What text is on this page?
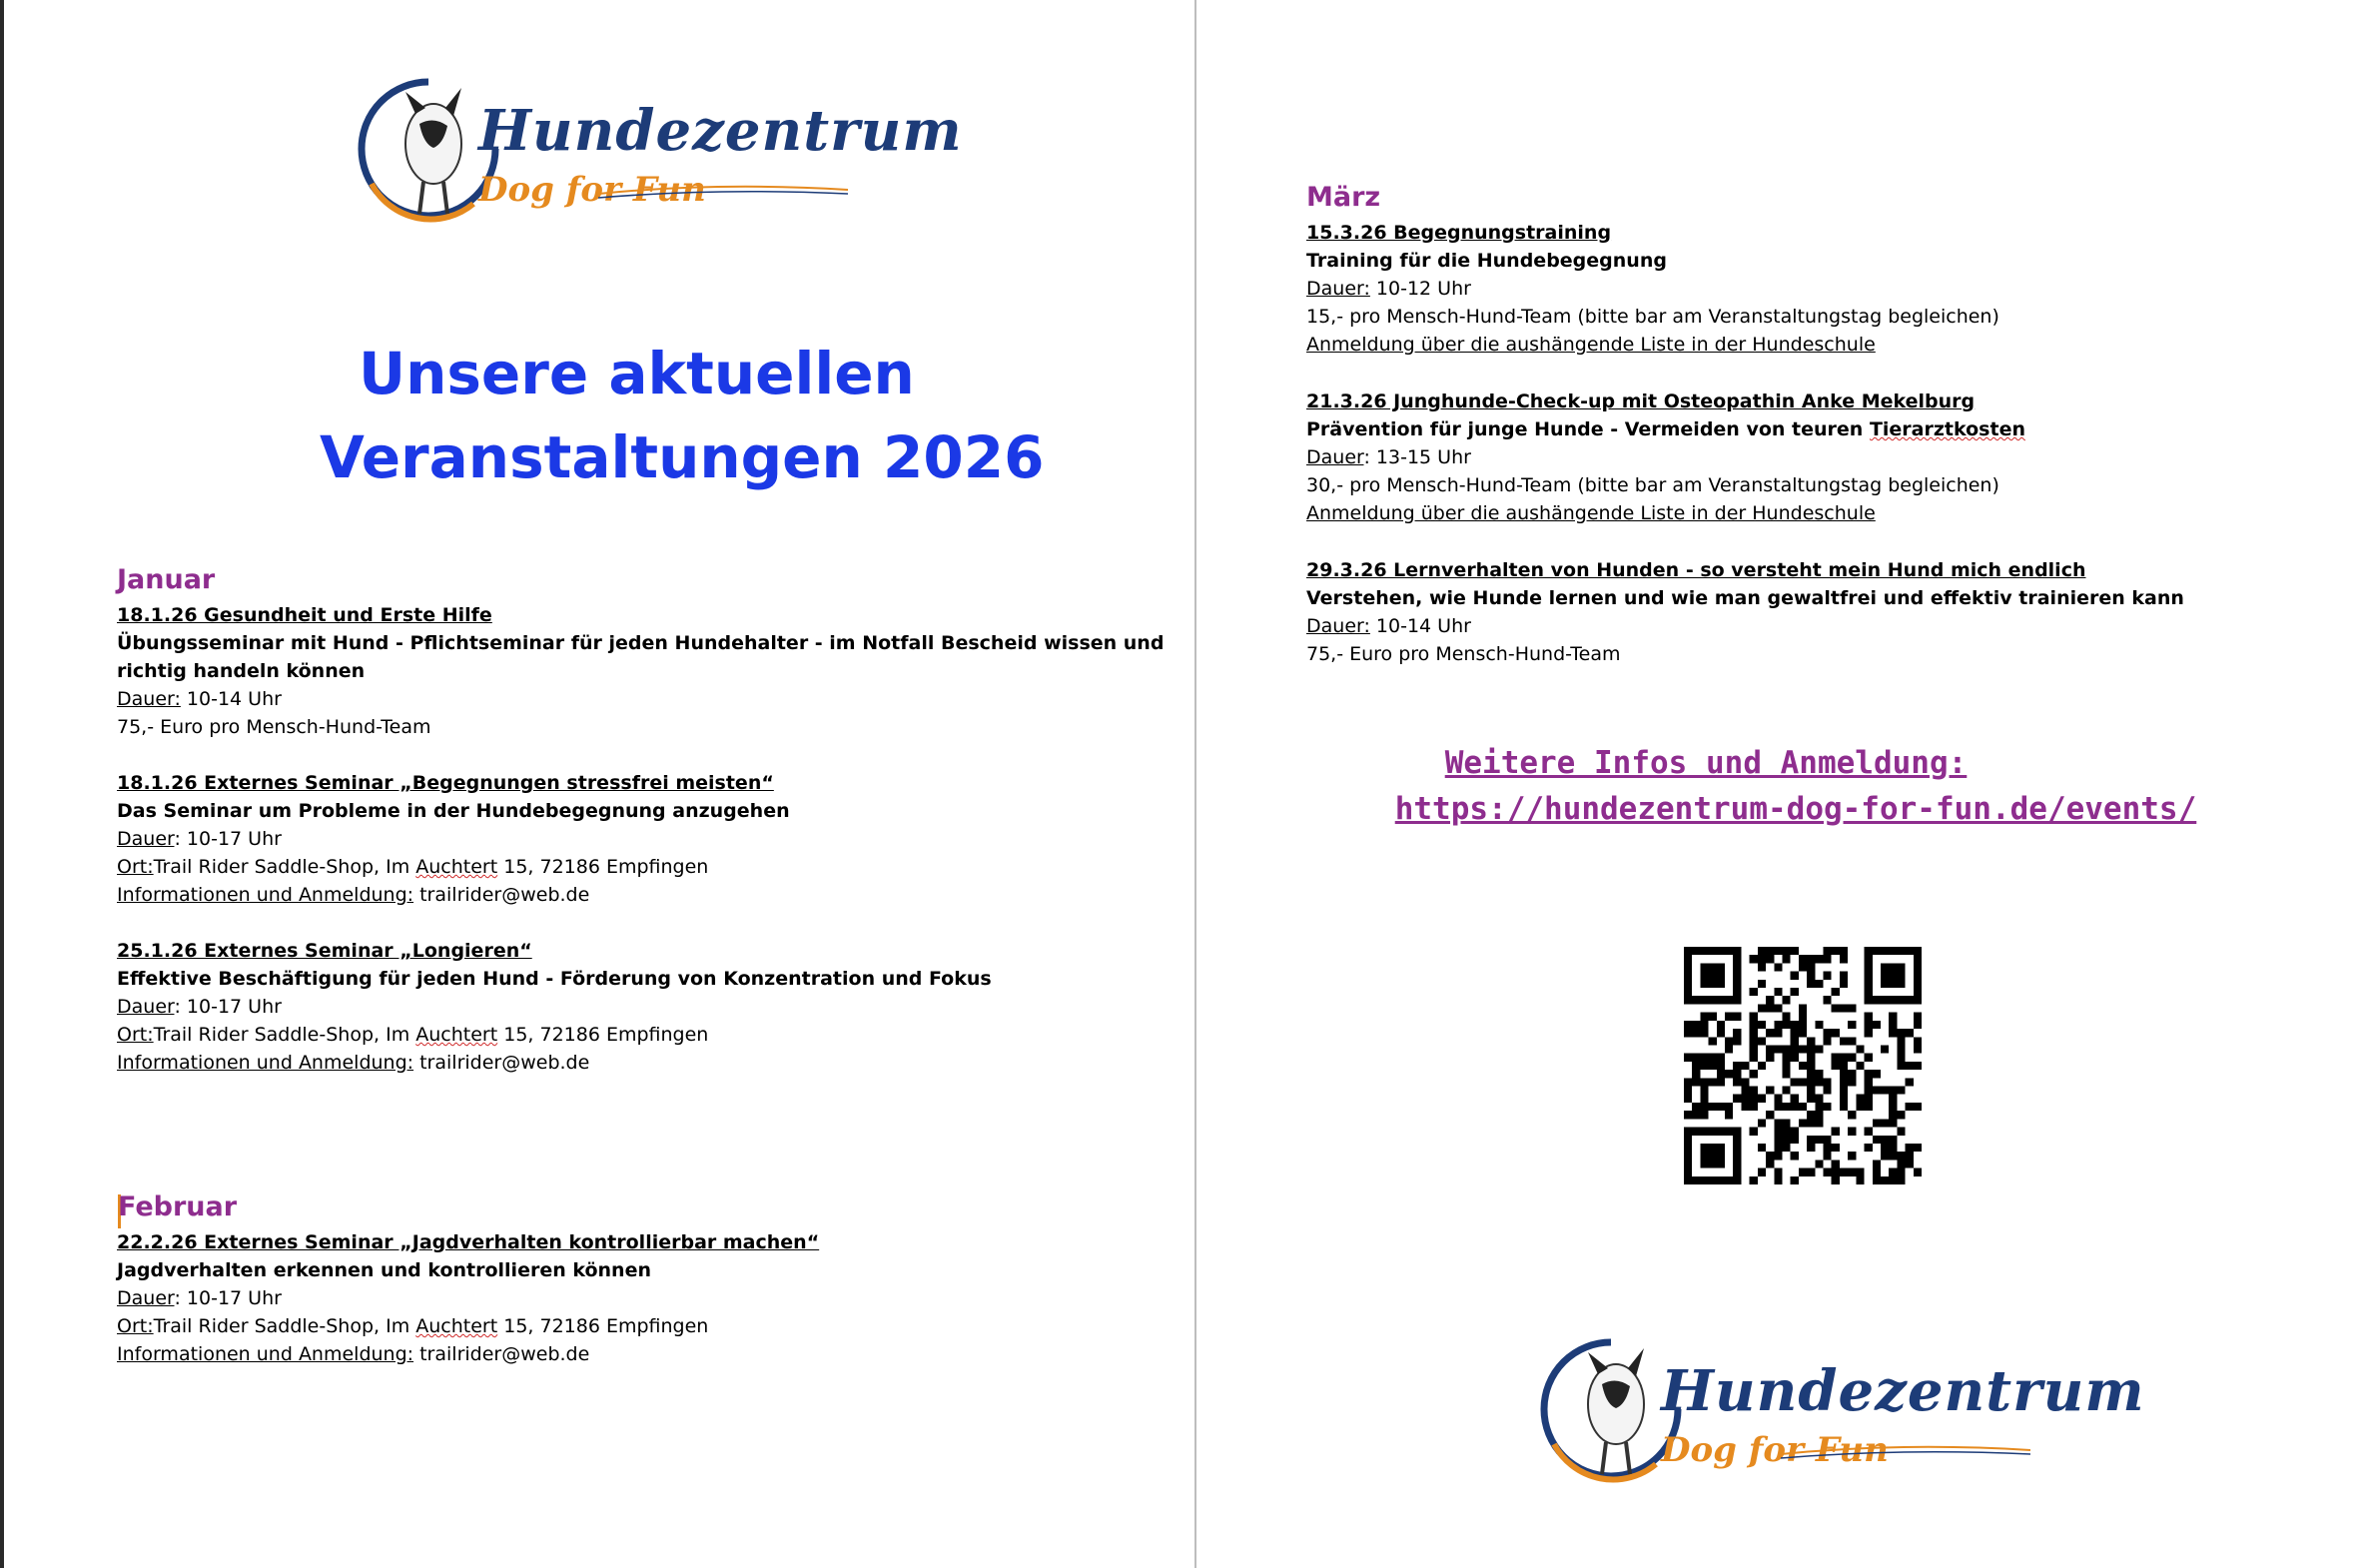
Hundezentrum
Dog for Fun
Unsere aktuellen
Veranstaltungen 2026
Januar
18.1.26 Gesundheit und Erste Hilfe
Übungsseminar mit Hund - Pflichtseminar für jeden Hundehalter - im Notfall Bescheid wissen und
richtig handeln können
Dauer: 10-14 Uhr
75,- Euro pro Mensch-Hund-Team
18.1.26 Externes Seminar „Begegnungen stressfrei meisten“
Das Seminar um Probleme in der Hundebegegnung anzugehen
Dauer: 10-17 Uhr
Ort:Trail Rider Saddle-Shop, Im Auchtert 15, 72186 Empfingen
Informationen und Anmeldung: trailrider@web.de
25.1.26 Externes Seminar „Longieren“
Effektive Beschäftigung für jeden Hund - Förderung von Konzentration und Fokus
Dauer: 10-17 Uhr
Ort:Trail Rider Saddle-Shop, Im Auchtert 15, 72186 Empfingen
Informationen und Anmeldung: trailrider@web.de
Februar
22.2.26 Externes Seminar „Jagdverhalten kontrollierbar machen“
Jagdverhalten erkennen und kontrollieren können
Dauer: 10-17 Uhr
Ort:Trail Rider Saddle-Shop, Im Auchtert 15, 72186 Empfingen
Informationen und Anmeldung: trailrider@web.de
März
15.3.26 Begegnungstraining
Training für die Hundebegegnung
Dauer: 10-12 Uhr
15,- pro Mensch-Hund-Team (bitte bar am Veranstaltungstag begleichen)
Anmeldung über die aushängende Liste in der Hundeschule
21.3.26 Junghunde-Check-up mit Osteopathin Anke Mekelburg
Prävention für junge Hunde - Vermeiden von teuren Tierarztkosten
Dauer: 13-15 Uhr
30,- pro Mensch-Hund-Team (bitte bar am Veranstaltungstag begleichen)
Anmeldung über die aushängende Liste in der Hundeschule
29.3.26 Lernverhalten von Hunden - so versteht mein Hund mich endlich
Verstehen, wie Hunde lernen und wie man gewaltfrei und effektiv trainieren kann
Dauer: 10-14 Uhr
75,- Euro pro Mensch-Hund-Team
Weitere Infos und Anmeldung:
https://hundezentrum-dog-for-fun.de/events/
Hundezentrum
Dog for Fun
